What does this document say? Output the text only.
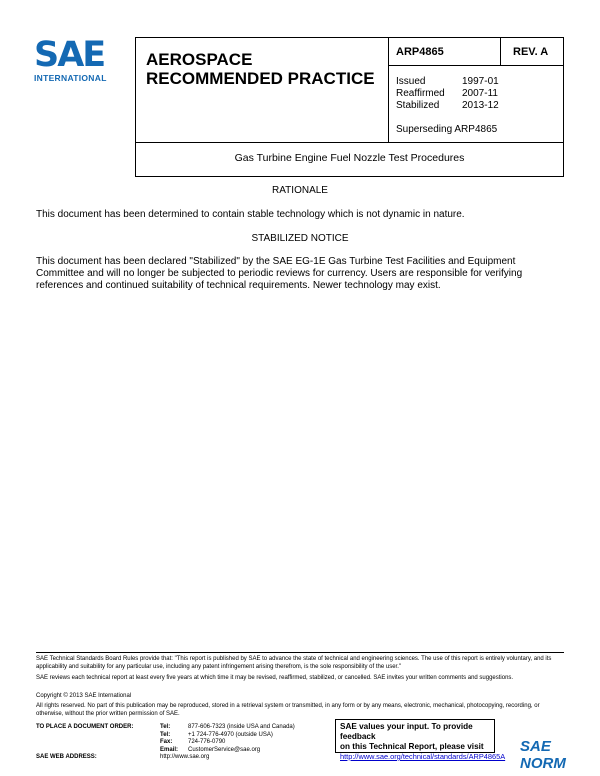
SAE
INTERNATIONAL
AEROSPACE
RECOMMENDED PRACTICE
ARP4865	REV. A
Issued	1997-01
Reaffirmed	2007-11
Stabilized	2013-12
Superseding ARP4865
Gas Turbine Engine Fuel Nozzle Test Procedures
RATIONALE
This document has been determined to contain stable technology which is not dynamic in nature.
STABILIZED NOTICE
This document has been declared "Stabilized" by the SAE EG-1E Gas Turbine Test Facilities and Equipment Committee and will no longer be subjected to periodic reviews for currency. Users are responsible for verifying references and continued suitability of technical requirements. Newer technology may exist.
SAE Technical Standards Board Rules provide that: "This report is published by SAE to advance the state of technical and engineering sciences. The use of this report is entirely voluntary, and its applicability and suitability for any particular use, including any patent infringement arising therefrom, is the sole responsibility of the user."
SAE reviews each technical report at least every five years at which time it may be revised, reaffirmed, stabilized, or cancelled. SAE invites your written comments and suggestions.
Copyright © 2013 SAE International
All rights reserved. No part of this publication may be reproduced, stored in a retrieval system or transmitted, in any form or by any means, electronic, mechanical, photocopying, recording, or otherwise, without the prior written permission of SAE.
TO PLACE A DOCUMENT ORDER:	Tel:	877-606-7323 (inside USA and Canada)
Tel:	+1 724-776-4970 (outside USA)
Fax:	724-776-0790
Email:	CustomerService@sae.org
SAE WEB ADDRESS:	http://www.sae.org
SAE values your input. To provide feedback
on this Technical Report, please visit
http://www.sae.org/technical/standards/ARP4865A
SAE NORM
